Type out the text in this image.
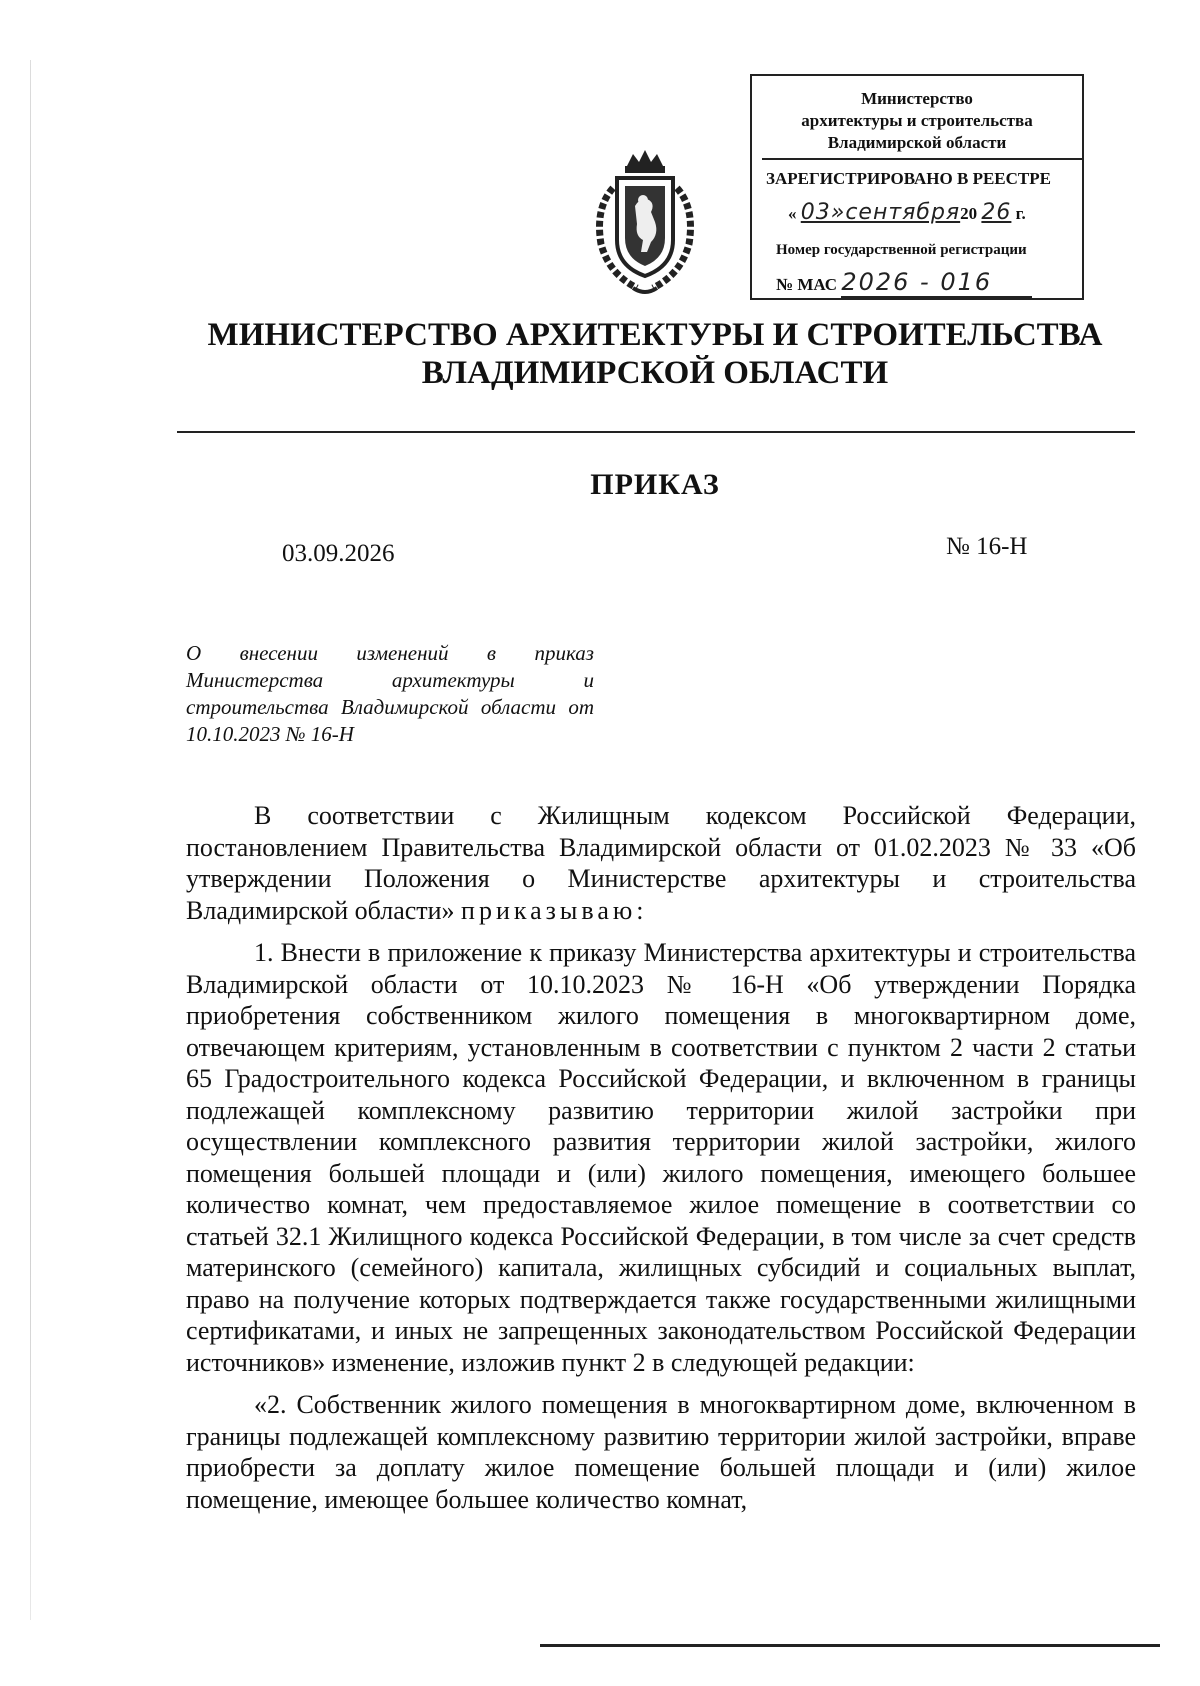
Министерство
архитектуры и строительства
Владимирской области
ЗАРЕГИСТРИРОВАНО В РЕЕСТРЕ
« 03»сентября20 26 г.
Номер государственной регистрации
№ МАС 2026 - 016
МИНИСТЕРСТВО АРХИТЕКТУРЫ И СТРОИТЕЛЬСТВА
ВЛАДИМИРСКОЙ ОБЛАСТИ
ПРИКАЗ
03.09.2026	№ 16-Н
О внесении изменений в приказ Министерства архитектуры и строительства Владимирской области от 10.10.2023 № 16-Н

В соответствии с Жилищным кодексом Российской Федерации, постановлением Правительства Владимирской области от 01.02.2023 № 33 «Об утверждении Положения о Министерстве архитектуры и строительства Владимирской области» приказываю:

1. Внести в приложение к приказу Министерства архитектуры и строительства Владимирской области от 10.10.2023 № 16-Н «Об утверждении Порядка приобретения собственником жилого помещения в многоквартирном доме, отвечающем критериям, установленным в соответствии с пунктом 2 части 2 статьи 65 Градостроительного кодекса Российской Федерации, и включенном в границы подлежащей комплексному развитию территории жилой застройки при осуществлении комплексного развития территории жилой застройки, жилого помещения большей площади и (или) жилого помещения, имеющего большее количество комнат, чем предоставляемое жилое помещение в соответствии со статьей 32.1 Жилищного кодекса Российской Федерации, в том числе за счет средств материнского (семейного) капитала, жилищных субсидий и социальных выплат, право на получение которых подтверждается также государственными жилищными сертификатами, и иных не запрещенных законодательством Российской Федерации источников» изменение, изложив пункт 2 в следующей редакции:

«2. Собственник жилого помещения в многоквартирном доме, включенном в границы подлежащей комплексному развитию территории жилой застройки, вправе приобрести за доплату жилое помещение большей площади и (или) жилое помещение, имеющее большее количество комнат,
